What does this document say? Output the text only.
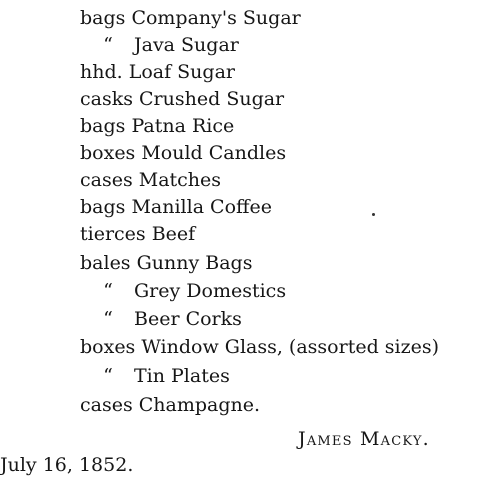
bags Company's Sugar
“ Java Sugar
hhd. Loaf Sugar
casks Crushed Sugar
bags Patna Rice
boxes Mould Candles
cases Matches
bags Manilla Coffee
tierces Beef
bales Gunny Bags
“ Grey Domestics
“ Beer Corks
boxes Window Glass, (assorted sizes)
“ Tin Plates
cases Champagne.
James Macky.
July 16, 1852.
